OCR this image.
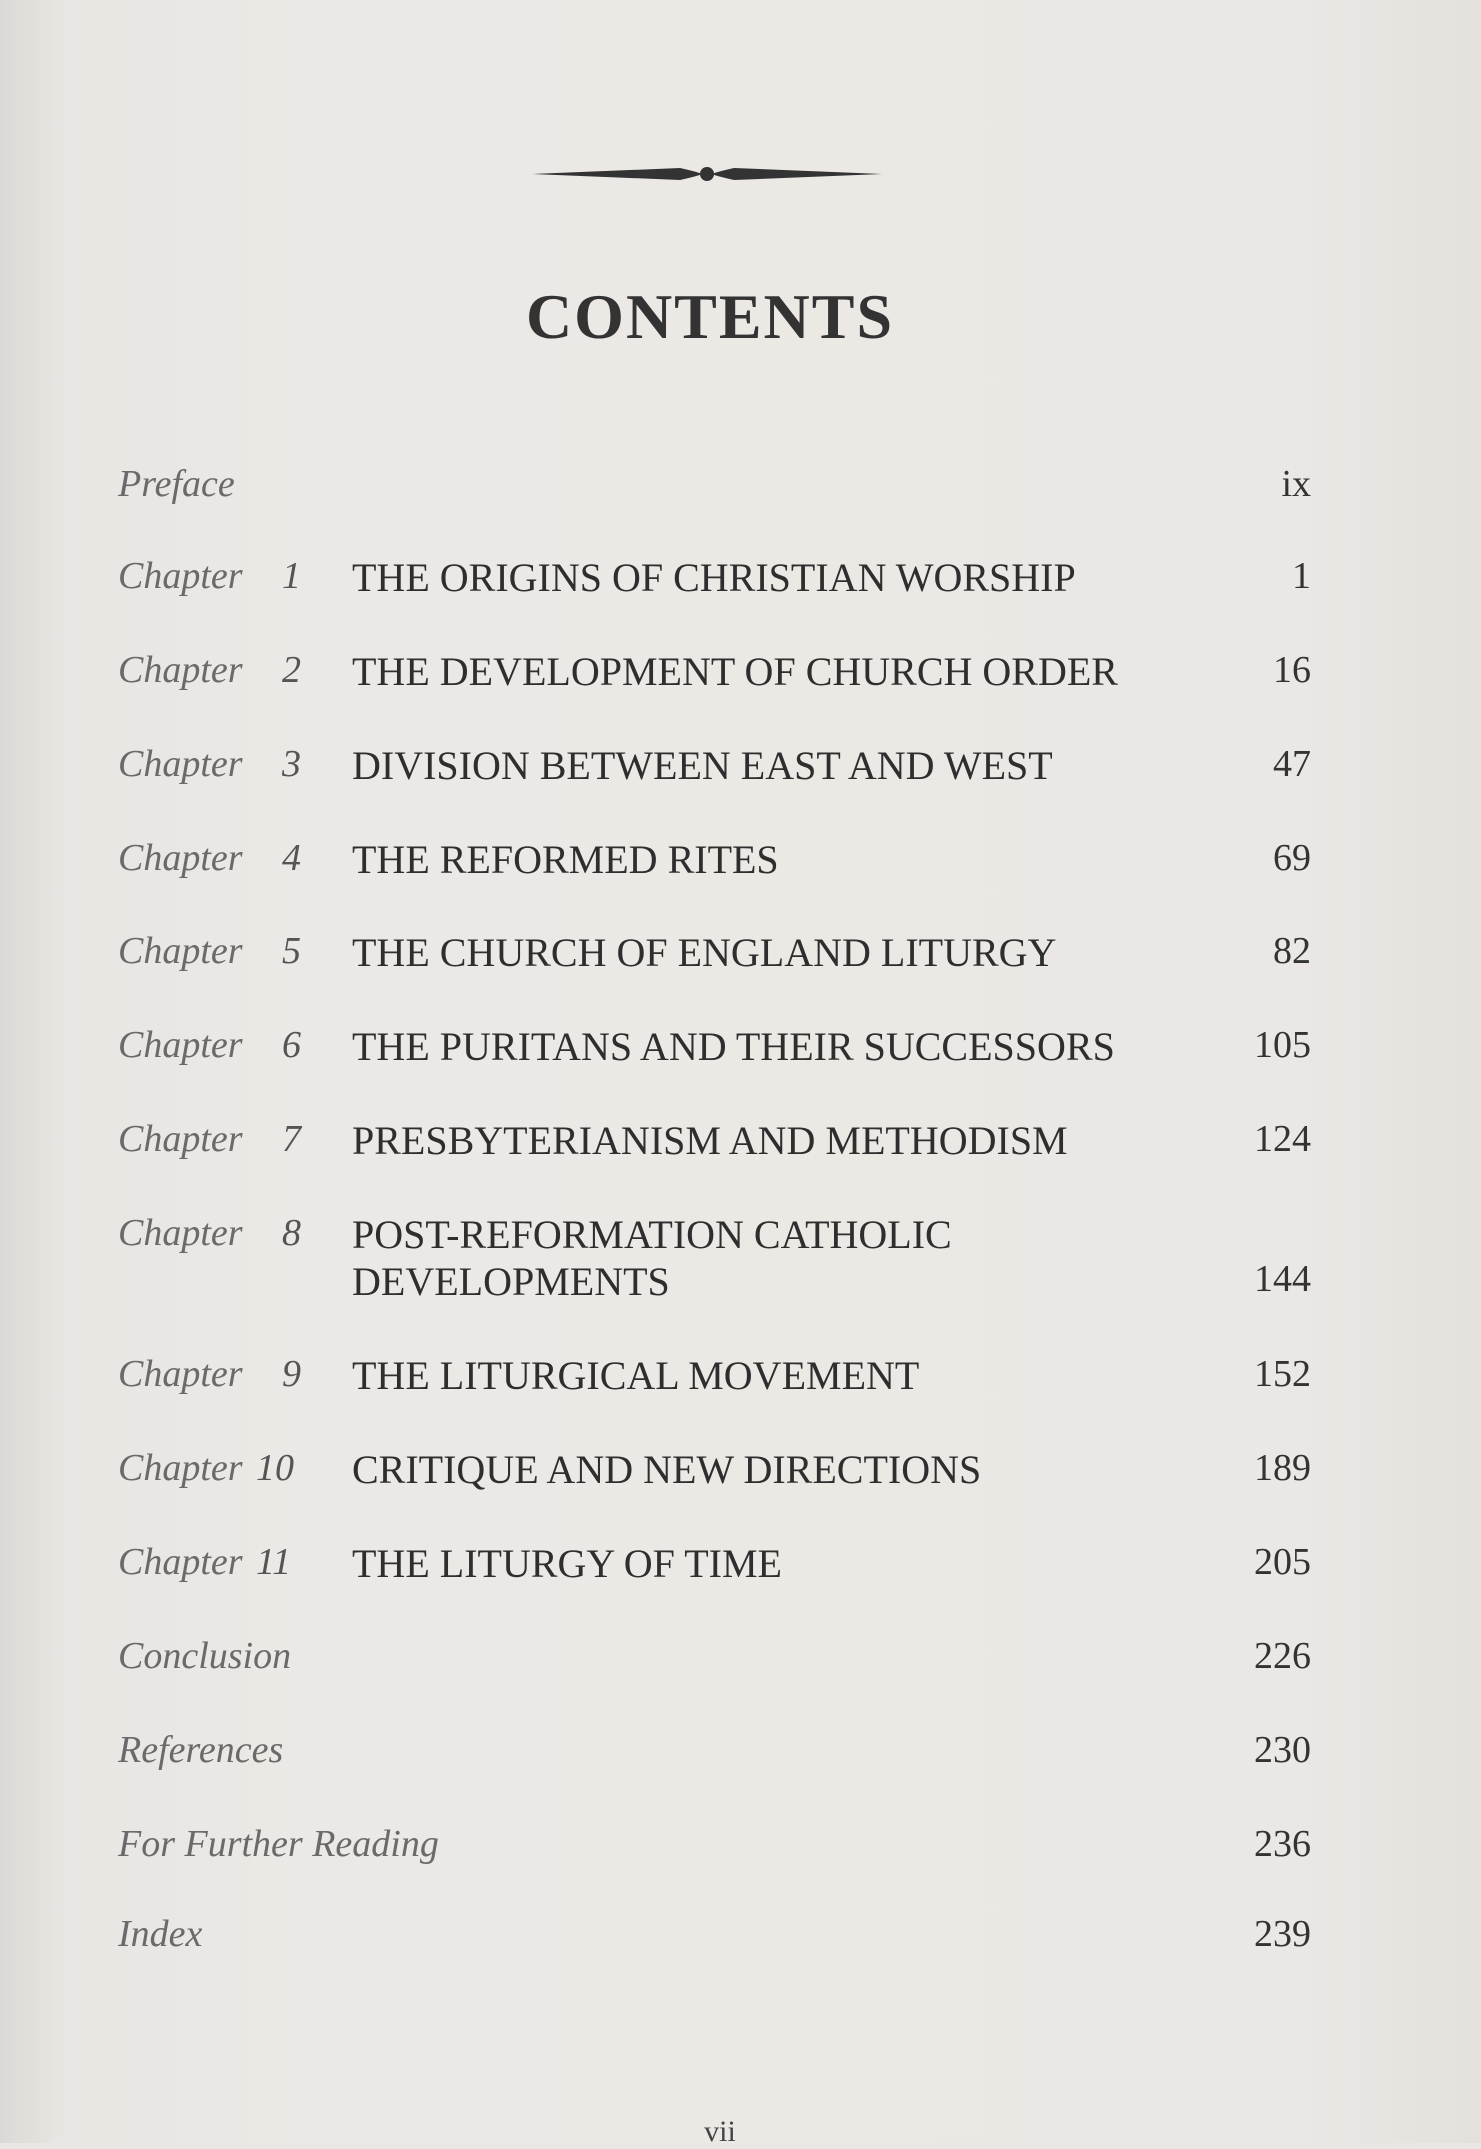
CONTENTS
Preface	ix
Chapter 1 THE ORIGINS OF CHRISTIAN WORSHIP	1
Chapter 2 THE DEVELOPMENT OF CHURCH ORDER	16
Chapter 3 DIVISION BETWEEN EAST AND WEST	47
Chapter 4 THE REFORMED RITES	69
Chapter 5 THE CHURCH OF ENGLAND LITURGY	82
Chapter 6 THE PURITANS AND THEIR SUCCESSORS	105
Chapter 7 PRESBYTERIANISM AND METHODISM	124
Chapter 8 POST-REFORMATION CATHOLIC DEVELOPMENTS	144
Chapter 9 THE LITURGICAL MOVEMENT	152
Chapter 10 CRITIQUE AND NEW DIRECTIONS	189
Chapter 11 THE LITURGY OF TIME	205
Conclusion	226
References	230
For Further Reading	236
Index	239
vii
